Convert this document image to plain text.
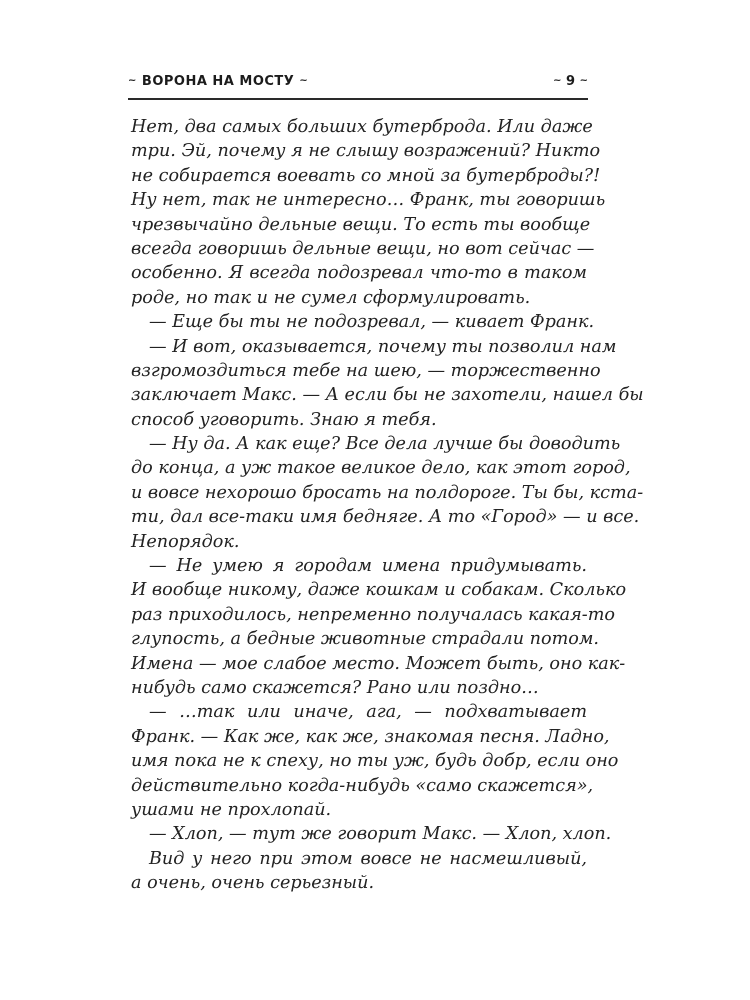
~ ВОРОНА НА МОСТУ ~	~ 9 ~
Нет, два самых больших бутерброда. Или даже
три. Эй, почему я не слышу возражений? Никто
не собирается воевать со мной за бутерброды?!
Ну нет, так не интересно… Франк, ты говоришь
чрезвычайно дельные вещи. То есть ты вообще
всегда говоришь дельные вещи, но вот сейчас —
особенно. Я всегда подозревал что-то в таком
роде, но так и не сумел сформулировать.
— Еще бы ты не подозревал, — кивает Франк.
— И вот, оказывается, почему ты позволил нам
взгромоздиться тебе на шею, — торжественно
заключает Макс. — А если бы не захотели, нашел бы
способ уговорить. Знаю я тебя.
— Ну да. А как еще? Все дела лучше бы доводить
до конца, а уж такое великое дело, как этот город,
и вовсе нехорошо бросать на полдороге. Ты бы, кста-
ти, дал все-таки имя бедняге. А то «Город» — и все.
Непорядок.
— Не умею я городам имена придумывать.
И вообще никому, даже кошкам и собакам. Сколько
раз приходилось, непременно получалась какая-то
глупость, а бедные животные страдали потом.
Имена — мое слабое место. Может быть, оно как-
нибудь само скажется? Рано или поздно…
— …так или иначе, ага, — подхватывает
Франк. — Как же, как же, знакомая песня. Ладно,
имя пока не к спеху, но ты уж, будь добр, если оно
действительно когда-нибудь «само скажется»,
ушами не прохлопай.
— Хлоп, — тут же говорит Макс. — Хлоп, хлоп.
Вид у него при этом вовсе не насмешливый,
а очень, очень серьезный.
